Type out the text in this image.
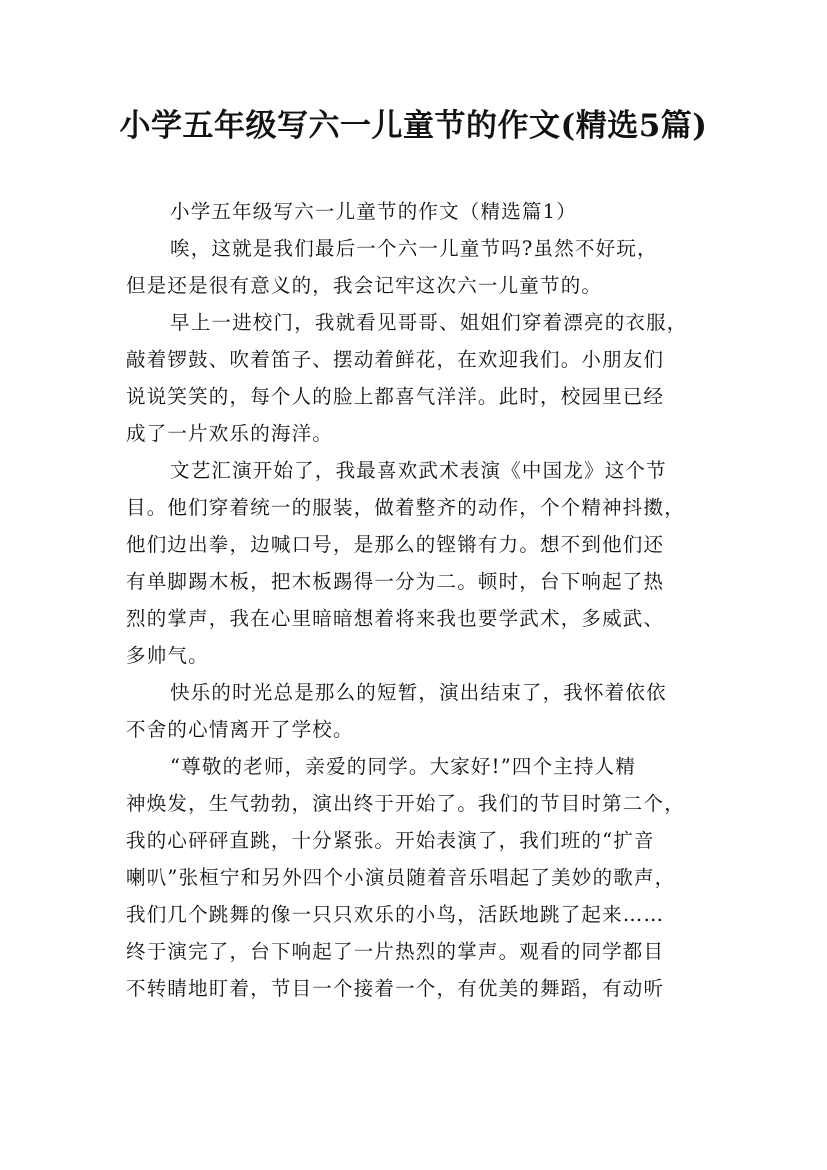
小学五年级写六一儿童节的作文(精选5篇)
小学五年级写六一儿童节的作文（精选篇1）
唉，这就是我们最后一个六一儿童节吗?虽然不好玩，
但是还是很有意义的，我会记牢这次六一儿童节的。
早上一进校门，我就看见哥哥、姐姐们穿着漂亮的衣服，
敲着锣鼓、吹着笛子、摆动着鲜花，在欢迎我们。小朋友们
说说笑笑的，每个人的脸上都喜气洋洋。此时，校园里已经
成了一片欢乐的海洋。
文艺汇演开始了，我最喜欢武术表演《中国龙》这个节
目。他们穿着统一的服装，做着整齐的动作，个个精神抖擞，
他们边出拳，边喊口号，是那么的铿锵有力。想不到他们还
有单脚踢木板，把木板踢得一分为二。顿时，台下响起了热
烈的掌声，我在心里暗暗想着将来我也要学武术，多威武、
多帅气。
快乐的时光总是那么的短暂，演出结束了，我怀着依依
不舍的心情离开了学校。
“尊敬的老师，亲爱的同学。大家好!”四个主持人精
神焕发，生气勃勃，演出终于开始了。我们的节目时第二个，
我的心砰砰直跳，十分紧张。开始表演了，我们班的“扩音
喇叭”张桓宁和另外四个小演员随着音乐唱起了美妙的歌声，
我们几个跳舞的像一只只欢乐的小鸟，活跃地跳了起来……
终于演完了，台下响起了一片热烈的掌声。观看的同学都目
不转睛地盯着，节目一个接着一个，有优美的舞蹈，有动听
